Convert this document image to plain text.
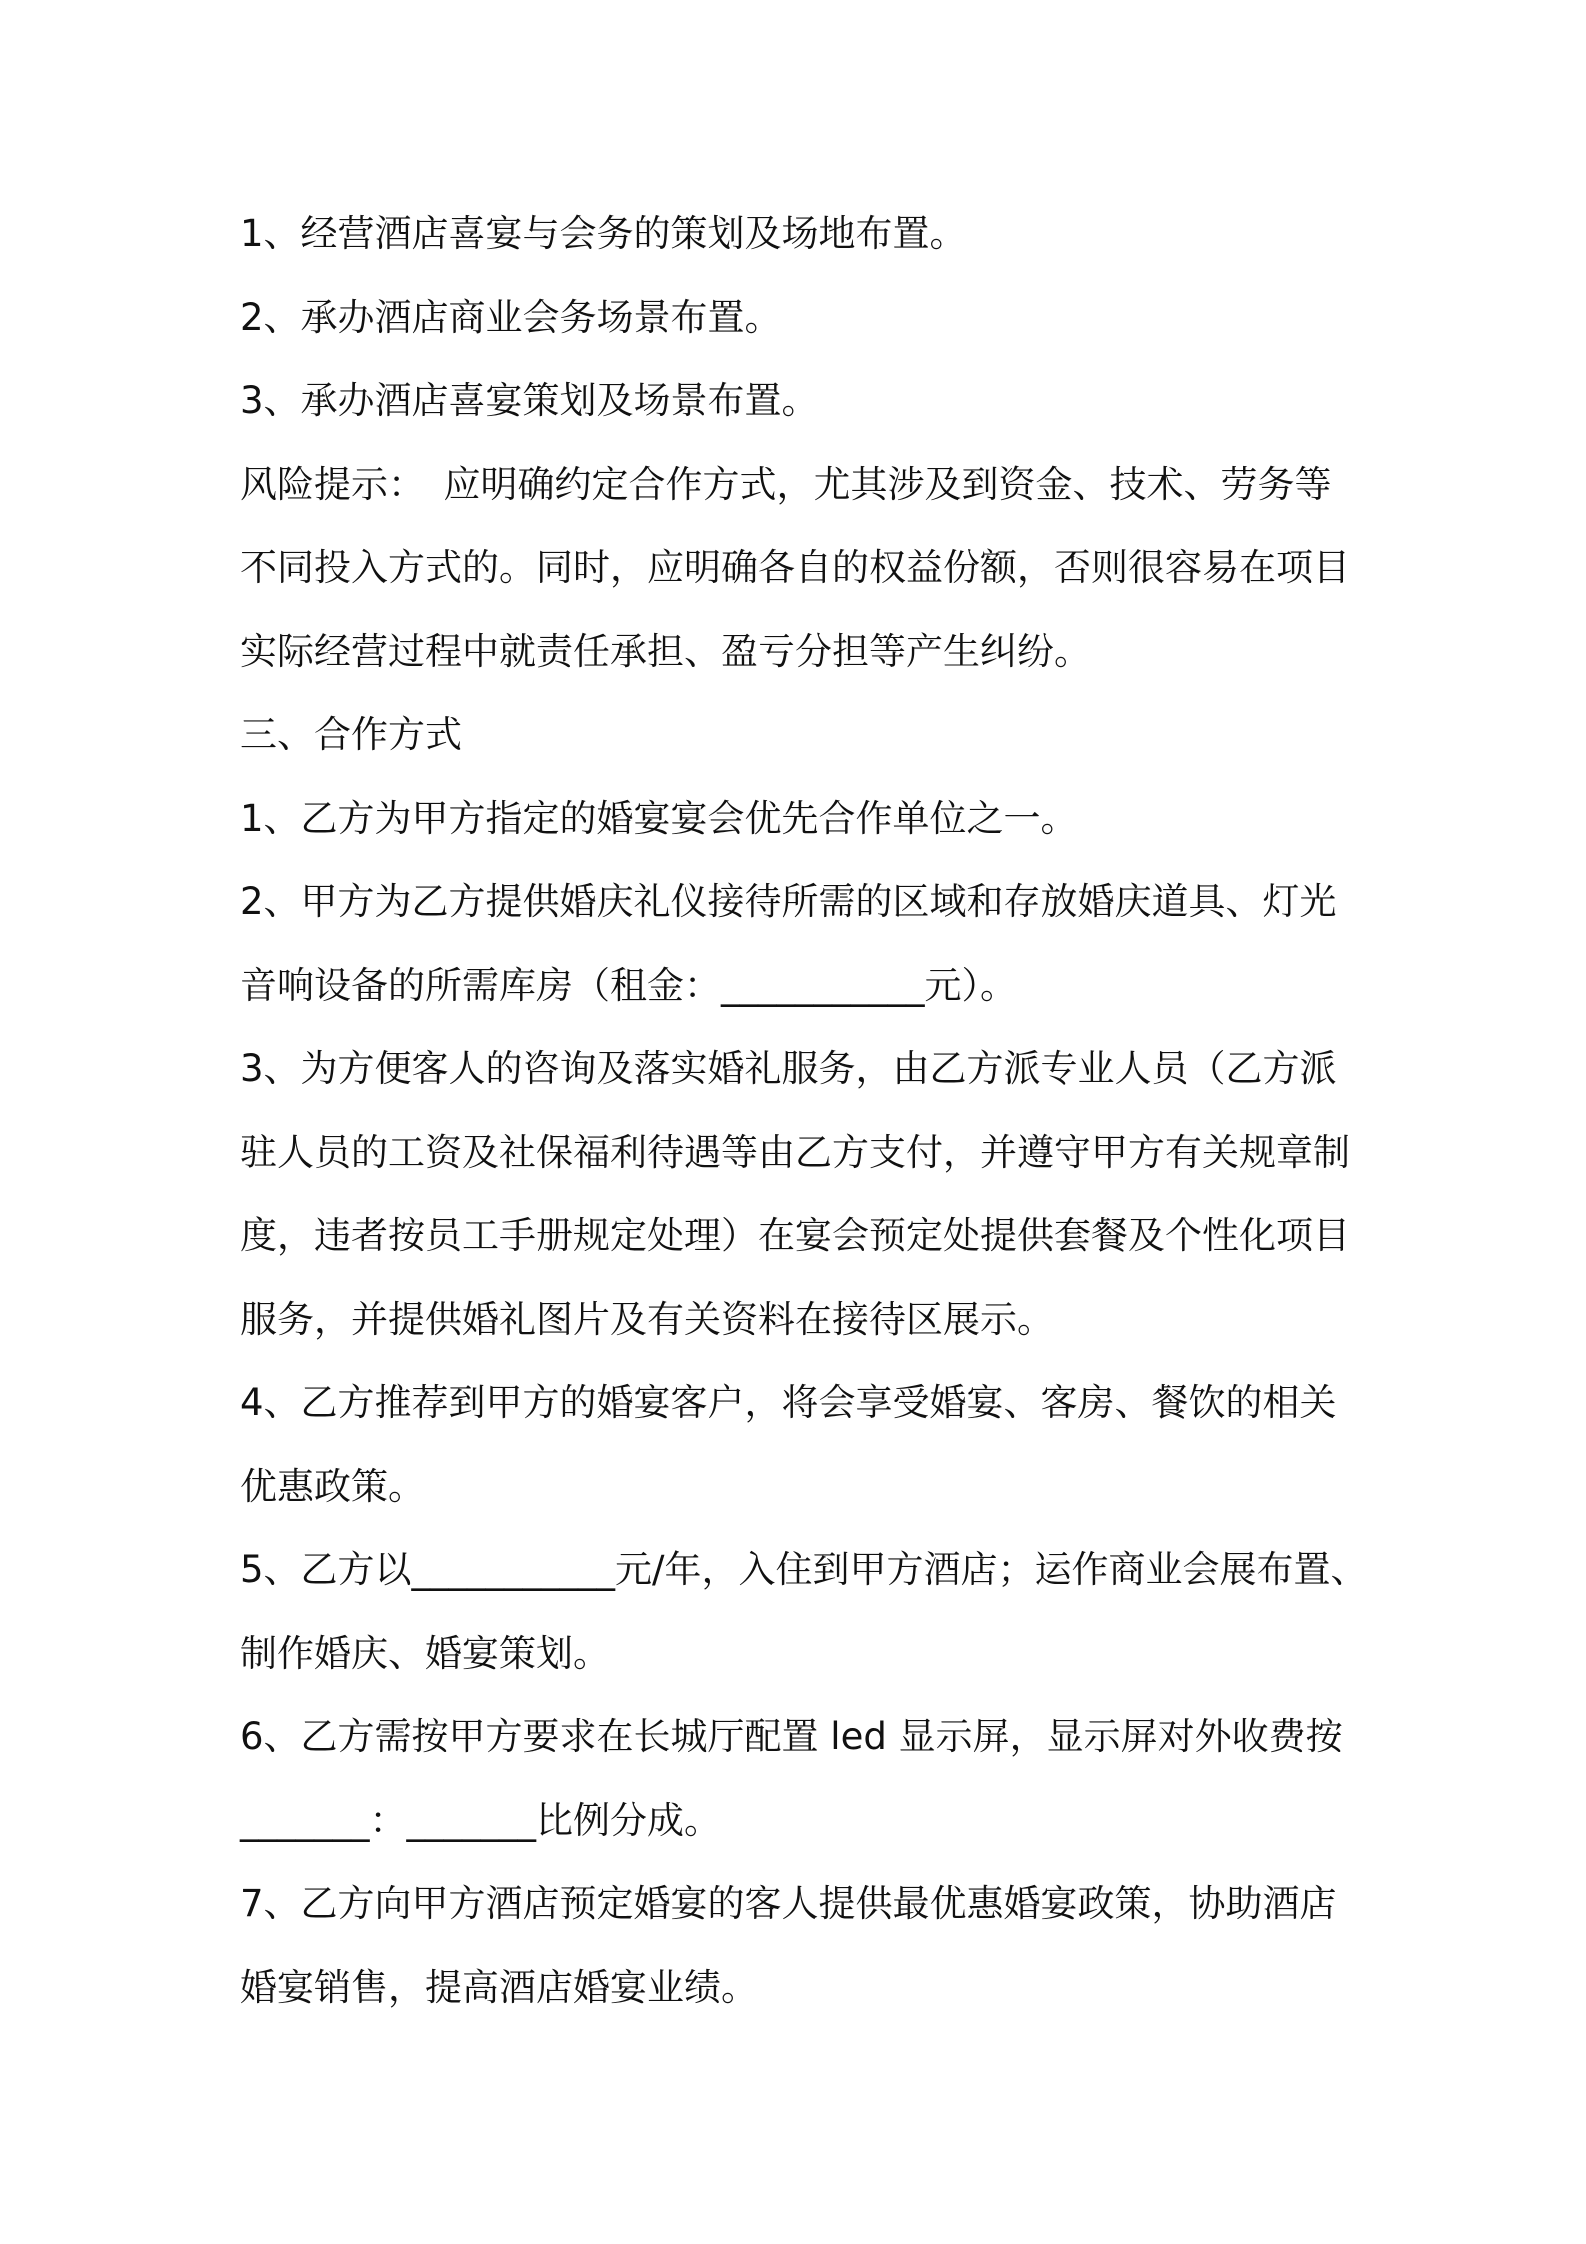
1、经营酒店喜宴与会务的策划及场地布置。
2、承办酒店商业会务场景布置。
3、承办酒店喜宴策划及场景布置。
风险提示：　应明确约定合作方式，尤其涉及到资金、技术、劳务等
不同投入方式的。同时，应明确各自的权益份额，否则很容易在项目
实际经营过程中就责任承担、盈亏分担等产生纠纷。
三、合作方式
1、乙方为甲方指定的婚宴宴会优先合作单位之一。
2、甲方为乙方提供婚庆礼仪接待所需的区域和存放婚庆道具、灯光
音响设备的所需库房（租金：___________元）。
3、为方便客人的咨询及落实婚礼服务，由乙方派专业人员（乙方派
驻人员的工资及社保福利待遇等由乙方支付，并遵守甲方有关规章制
度，违者按员工手册规定处理）在宴会预定处提供套餐及个性化项目
服务，并提供婚礼图片及有关资料在接待区展示。
4、乙方推荐到甲方的婚宴客户，将会享受婚宴、客房、餐饮的相关
优惠政策。
5、乙方以___________元/年，入住到甲方酒店；运作商业会展布置、
制作婚庆、婚宴策划。
6、乙方需按甲方要求在长城厅配置 led 显示屏，显示屏对外收费按
_______：_______比例分成。
7、乙方向甲方酒店预定婚宴的客人提供最优惠婚宴政策，协助酒店
婚宴销售，提高酒店婚宴业绩。
